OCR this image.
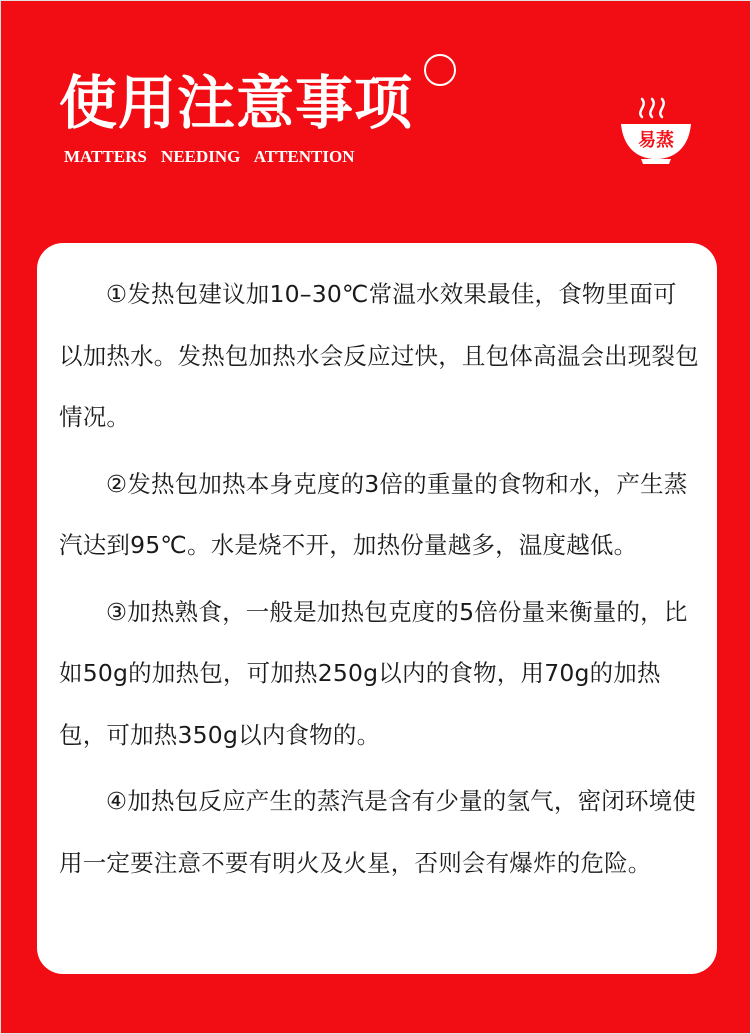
使用注意事项
MATTERS NEEDING ATTENTION
易蒸

①发热包建议加10–30℃常温水效果最佳，食物里面可以加热水。发热包加热水会反应过快，且包体高温会出现裂包情况。

②发热包加热本身克度的3倍的重量的食物和水，产生蒸汽达到95℃。水是烧不开，加热份量越多，温度越低。

③加热熟食，一般是加热包克度的5倍份量来衡量的，比如50g的加热包，可加热250g以内的食物，用70g的加热包，可加热350g以内食物的。

④加热包反应产生的蒸汽是含有少量的氢气，密闭环境使用一定要注意不要有明火及火星，否则会有爆炸的危险。
